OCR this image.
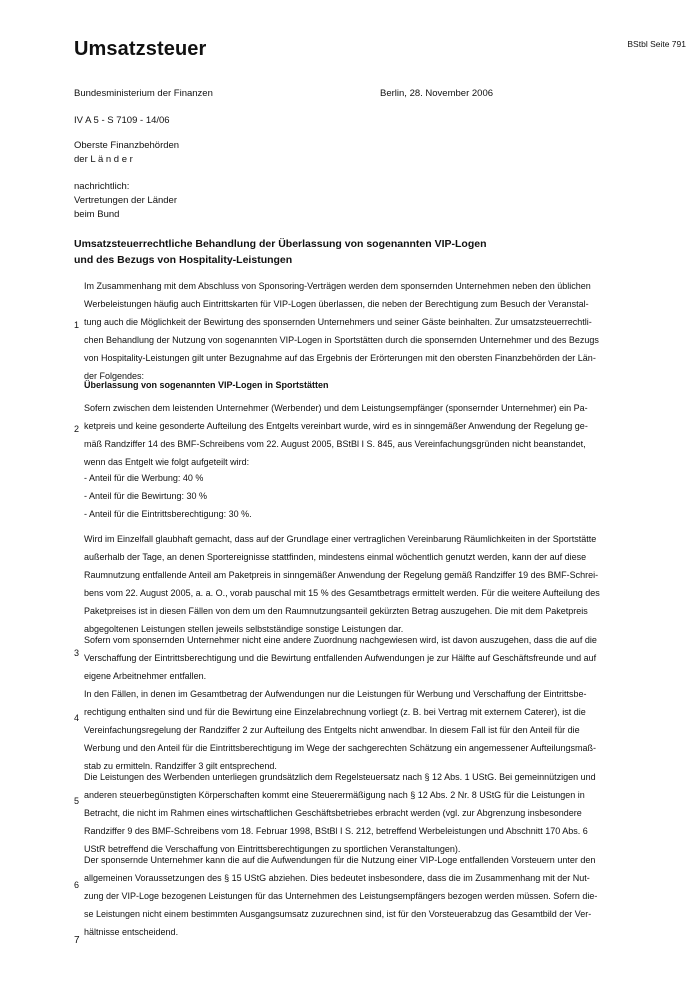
Umsatzsteuer	BStbl Seite 791
Bundesministerium der Finanzen	Berlin, 28. November 2006
IV A 5 - S 7109 - 14/06
Oberste Finanzbehörden
der L ä n d e r
nachrichtlich:
Vertretungen der Länder
beim Bund
Umsatzsteuerrechtliche Behandlung der Überlassung von sogenannten VIP-Logen
und des Bezugs von Hospitality-Leistungen
1
Im Zusammenhang mit dem Abschluss von Sponsoring-Verträgen werden dem sponsernden Unternehmen neben den üblichen
Werbeleistungen häufig auch Eintrittskarten für VIP-Logen überlassen, die neben der Berechtigung zum Besuch der Veranstal-
tung auch die Möglichkeit der Bewirtung des sponsernden Unternehmers und seiner Gäste beinhalten. Zur umsatzsteuerrechtli-
chen Behandlung der Nutzung von sogenannten VIP-Logen in Sportstätten durch die sponsernden Unternehmer und des Bezugs
von Hospitality-Leistungen gilt unter Bezugnahme auf das Ergebnis der Erörterungen mit den obersten Finanzbehörden der Län-
der Folgendes:
Überlassung von sogenannten VIP-Logen in Sportstätten
2
Sofern zwischen dem leistenden Unternehmer (Werbender) und dem Leistungsempfänger (sponsernder Unternehmer) ein Pa-
ketpreis und keine gesonderte Aufteilung des Entgelts vereinbart wurde, wird es in sinngemäßer Anwendung der Regelung ge-
mäß Randziffer 14 des BMF-Schreibens vom 22. August 2005, BStBl I S. 845, aus Vereinfachungsgründen nicht beanstandet,
wenn das Entgelt wie folgt aufgeteilt wird:
- Anteil für die Werbung: 40 %
- Anteil für die Bewirtung: 30 %
- Anteil für die Eintrittsberechtigung: 30 %.
Wird im Einzelfall glaubhaft gemacht, dass auf der Grundlage einer vertraglichen Vereinbarung Räumlichkeiten in der Sportstätte
außerhalb der Tage, an denen Sportereignisse stattfinden, mindestens einmal wöchentlich genutzt werden, kann der auf diese
Raumnutzung entfallende Anteil am Paketpreis in sinngemäßer Anwendung der Regelung gemäß Randziffer 19 des BMF-Schrei-
bens vom 22. August 2005, a. a. O., vorab pauschal mit 15 % des Gesamtbetrags ermittelt werden. Für die weitere Aufteilung des
Paketpreises ist in diesen Fällen von dem um den Raumnutzungsanteil gekürzten Betrag auszugehen. Die mit dem Paketpreis
abgegoltenen Leistungen stellen jeweils selbstständige sonstige Leistungen dar.
3
Sofern vom sponsernden Unternehmer nicht eine andere Zuordnung nachgewiesen wird, ist davon auszugehen, dass die auf die
Verschaffung der Eintrittsberechtigung und die Bewirtung entfallenden Aufwendungen je zur Hälfte auf Geschäftsfreunde und auf
eigene Arbeitnehmer entfallen.
4
In den Fällen, in denen im Gesamtbetrag der Aufwendungen nur die Leistungen für Werbung und Verschaffung der Eintrittsbe-
rechtigung enthalten sind und für die Bewirtung eine Einzelabrechnung vorliegt (z. B. bei Vertrag mit externem Caterer), ist die
Vereinfachungsregelung der Randziffer 2 zur Aufteilung des Entgelts nicht anwendbar. In diesem Fall ist für den Anteil für die
Werbung und den Anteil für die Eintrittsberechtigung im Wege der sachgerechten Schätzung ein angemessener Aufteilungsmaß-
stab zu ermitteln. Randziffer 3 gilt entsprechend.
5
Die Leistungen des Werbenden unterliegen grundsätzlich dem Regelsteuersatz nach § 12 Abs. 1 UStG. Bei gemeinnützigen und
anderen steuerbegünstigten Körperschaften kommt eine Steuerermäßigung nach § 12 Abs. 2 Nr. 8 UStG für die Leistungen in
Betracht, die nicht im Rahmen eines wirtschaftlichen Geschäftsbetriebes erbracht werden (vgl. zur Abgrenzung insbesondere
Randziffer 9 des BMF-Schreibens vom 18. Februar 1998, BStBl I S. 212, betreffend Werbeleistungen und Abschnitt 170 Abs. 6
UStR betreffend die Verschaffung von Eintrittsberechtigungen zu sportlichen Veranstaltungen).
6
Der sponsernde Unternehmer kann die auf die Aufwendungen für die Nutzung einer VIP-Loge entfallenden Vorsteuern unter den
allgemeinen Voraussetzungen des § 15 UStG abziehen. Dies bedeutet insbesondere, dass die im Zusammenhang mit der Nut-
zung der VIP-Loge bezogenen Leistungen für das Unternehmen des Leistungsempfängers bezogen werden müssen. Sofern die-
se Leistungen nicht einem bestimmten Ausgangsumsatz zuzurechnen sind, ist für den Vorsteuerabzug das Gesamtbild der Ver-
hältnisse entscheidend.
7
